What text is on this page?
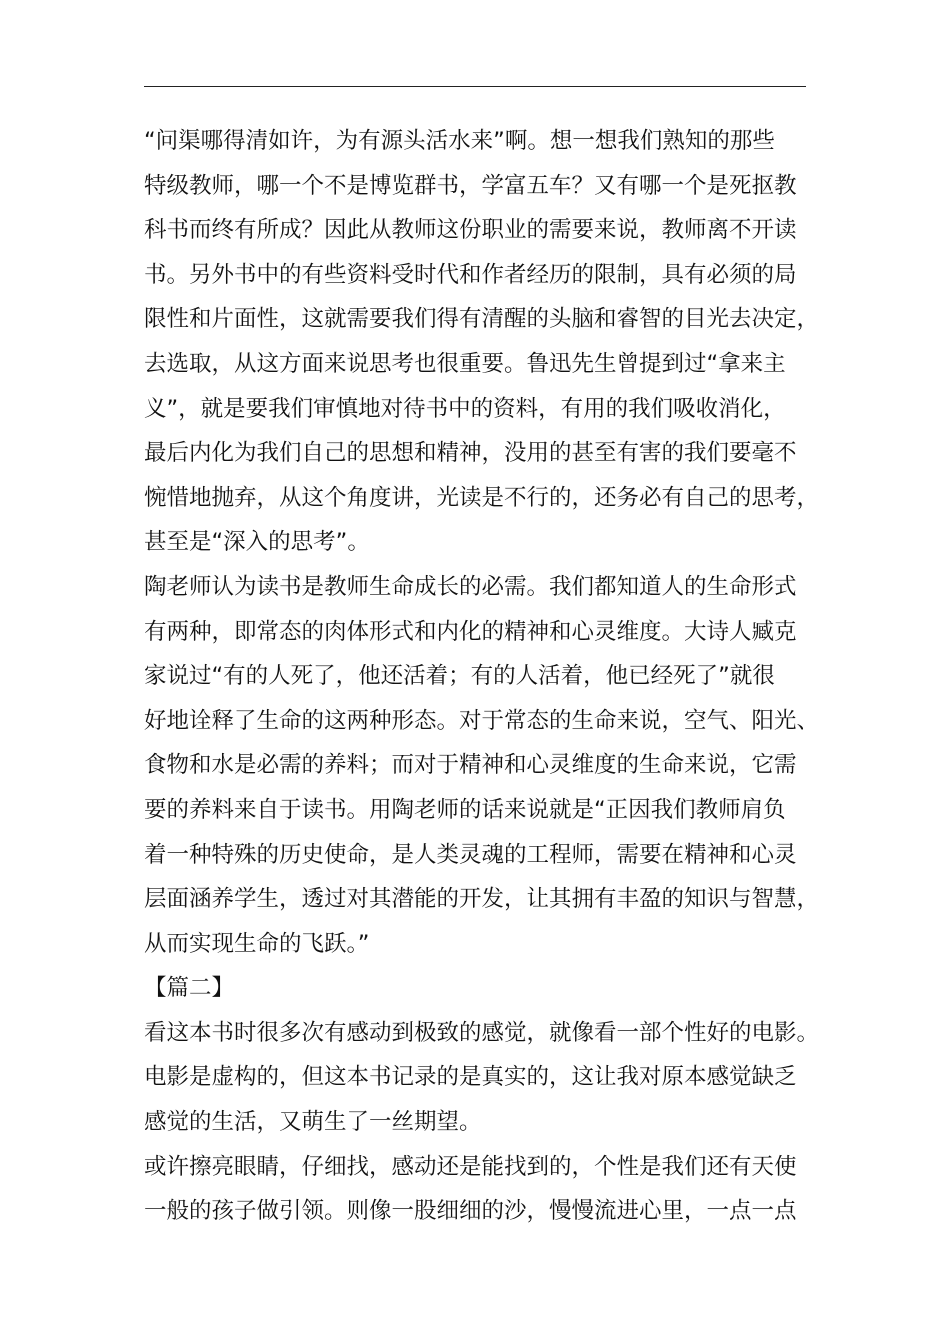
“问渠哪得清如许，为有源头活水来”啊。想一想我们熟知的那些
特级教师，哪一个不是博览群书，学富五车？又有哪一个是死抠教
科书而终有所成？因此从教师这份职业的需要来说，教师离不开读
书。另外书中的有些资料受时代和作者经历的限制，具有必须的局
限性和片面性，这就需要我们得有清醒的头脑和睿智的目光去决定，
去选取，从这方面来说思考也很重要。鲁迅先生曾提到过“拿来主
义”，就是要我们审慎地对待书中的资料，有用的我们吸收消化，
最后内化为我们自己的思想和精神，没用的甚至有害的我们要毫不
惋惜地抛弃，从这个角度讲，光读是不行的，还务必有自己的思考，
甚至是“深入的思考”。
陶老师认为读书是教师生命成长的必需。我们都知道人的生命形式
有两种，即常态的肉体形式和内化的精神和心灵维度。大诗人臧克
家说过“有的人死了，他还活着；有的人活着，他已经死了”就很
好地诠释了生命的这两种形态。对于常态的生命来说，空气、阳光、
食物和水是必需的养料；而对于精神和心灵维度的生命来说，它需
要的养料来自于读书。用陶老师的话来说就是“正因我们教师肩负
着一种特殊的历史使命，是人类灵魂的工程师，需要在精神和心灵
层面涵养学生，透过对其潜能的开发，让其拥有丰盈的知识与智慧，
从而实现生命的飞跃。”
【篇二】
看这本书时很多次有感动到极致的感觉，就像看一部个性好的电影。
电影是虚构的，但这本书记录的是真实的，这让我对原本感觉缺乏
感觉的生活，又萌生了一丝期望。
或许擦亮眼睛，仔细找，感动还是能找到的，个性是我们还有天使
一般的孩子做引领。则像一股细细的沙，慢慢流进心里，一点一点
